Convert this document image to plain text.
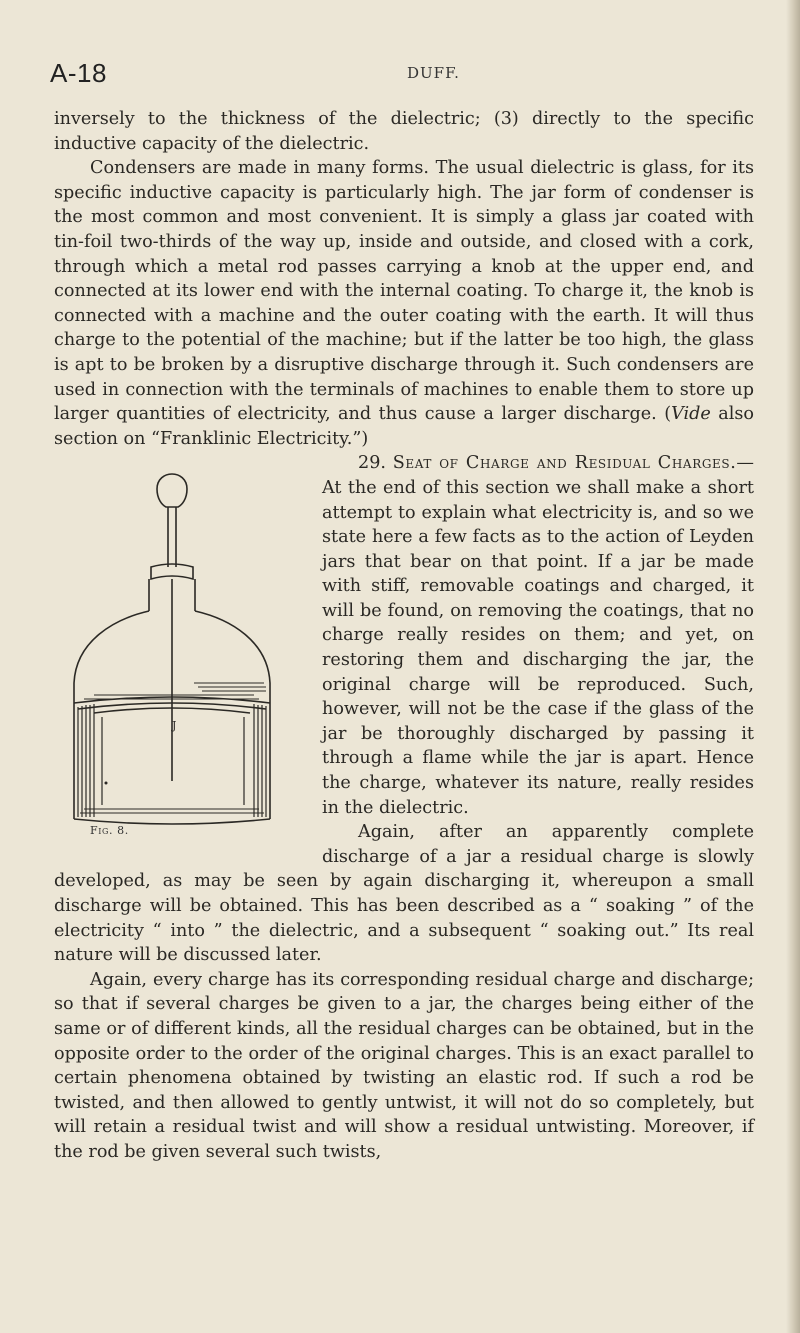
A-18	DUFF.

inversely to the thickness of the dielectric; (3) directly to the specific inductive capacity of the dielectric.

Condensers are made in many forms. The usual dielectric is glass, for its specific inductive capacity is particularly high. The jar form of condenser is the most common and most convenient. It is simply a glass jar coated with tin-foil two-thirds of the way up, inside and outside, and closed with a cork, through which a metal rod passes carrying a knob at the upper end, and connected at its lower end with the internal coating. To charge it, the knob is connected with a machine and the outer coating with the earth. It will thus charge to the potential of the machine; but if the latter be too high, the glass is apt to be broken by a disruptive discharge through it. Such condensers are used in connection with the terminals of machines to enable them to store up larger quantities of electricity, and thus cause a larger discharge. (Vide also section on “Franklinic Electricity.”)

J
Fig. 8.

29. Seat of Charge and Residual Charges.—At the end of this section we shall make a short attempt to explain what electricity is, and so we state here a few facts as to the action of Leyden jars that bear on that point. If a jar be made with stiff, removable coatings and charged, it will be found, on removing the coatings, that no charge really resides on them; and yet, on restoring them and discharging the jar, the original charge will be reproduced. Such, however, will not be the case if the glass of the jar be thoroughly discharged by passing it through a flame while the jar is apart. Hence the charge, whatever its nature, really resides in the dielectric.

Again, after an apparently complete discharge of a jar a residual charge is slowly developed, as may be seen by again discharging it, whereupon a small discharge will be obtained. This has been described as a “ soaking ” of the electricity “ into ” the dielectric, and a subsequent “ soaking out.” Its real nature will be discussed later.

Again, every charge has its corresponding residual charge and discharge; so that if several charges be given to a jar, the charges being either of the same or of different kinds, all the residual charges can be obtained, but in the opposite order to the order of the original charges. This is an exact parallel to certain phenomena obtained by twisting an elastic rod. If such a rod be twisted, and then allowed to gently untwist, it will not do so completely, but will retain a residual twist and will show a residual untwisting. Moreover, if the rod be given several such twists,
